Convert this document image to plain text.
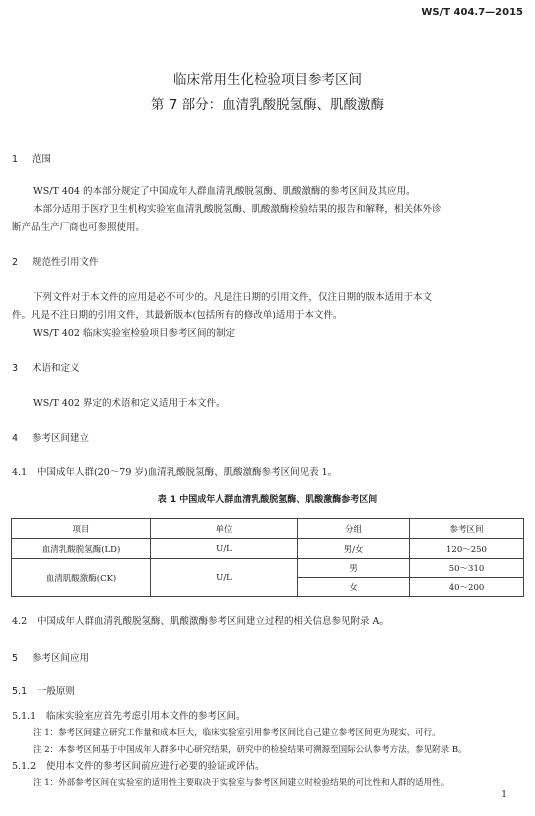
WS/T 404.7—2015
临床常用生化检验项目参考区间
第 7 部分：血清乳酸脱氢酶、肌酸激酶
1 范围
WS/T 404 的本部分规定了中国成年人群血清乳酸脱氢酶、肌酸激酶的参考区间及其应用。
本部分适用于医疗卫生机构实验室血清乳酸脱氢酶、肌酸激酶检验结果的报告和解释，相关体外诊
断产品生产厂商也可参照使用。
2 规范性引用文件
下列文件对于本文件的应用是必不可少的。凡是注日期的引用文件，仅注日期的版本适用于本文
件。凡是不注日期的引用文件，其最新版本(包括所有的修改单)适用于本文件。
WS/T 402 临床实验室检验项目参考区间的制定
3 术语和定义
WS/T 402 界定的术语和定义适用于本文件。
4 参考区间建立
4.1 中国成年人群(20～79 岁)血清乳酸脱氢酶、肌酸激酶参考区间见表 1。
表 1 中国成年人群血清乳酸脱氢酶、肌酸激酶参考区间
项目	单位	分组	参考区间
血清乳酸脱氢酶(LD)	U/L	男/女	120～250
血清肌酸激酶(CK)	U/L	男	50～310
		女	40～200
4.2 中国成年人群血清乳酸脱氢酶、肌酸激酶参考区间建立过程的相关信息参见附录 A。
5 参考区间应用
5.1 一般原则
5.1.1 临床实验室应首先考虑引用本文件的参考区间。
注 1：参考区间建立研究工作量和成本巨大，临床实验室引用参考区间比自己建立参考区间更为现实、可行。
注 2：本参考区间基于中国成年人群多中心研究结果，研究中的检验结果可溯源至国际公认参考方法，参见附录 B。
5.1.2 使用本文件的参考区间前应进行必要的验证或评估。
注 1：外部参考区间在实验室的适用性主要取决于实验室与参考区间建立时检验结果的可比性和人群的适用性。
1
